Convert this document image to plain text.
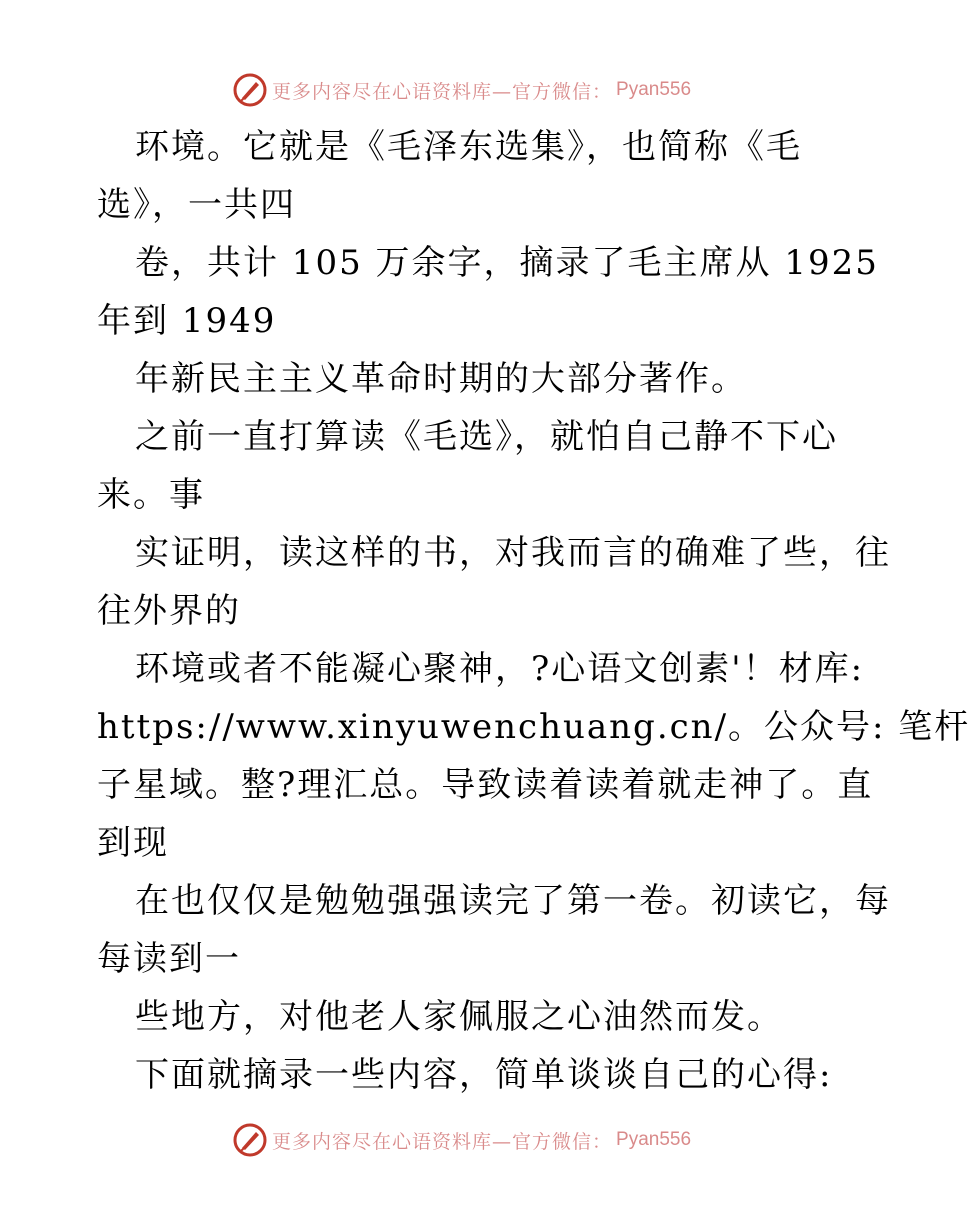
更多内容尽在心语资料库—官方微信： Pyan556
环境。它就是《毛泽东选集》，也简称《毛
选》，一共四
卷，共计 105 万余字，摘录了毛主席从 1925
年到 1949
年新民主主义革命时期的大部分著作。
之前一直打算读《毛选》，就怕自己静不下心
来。事
实证明，读这样的书，对我而言的确难了些，往
往外界的
环境或者不能凝心聚神，?心语文创素'！材库:
https://www.xinyuwenchuang.cn/。公众号: 笔杆
子星域。整?理汇总。导致读着读着就走神了。直
到现
在也仅仅是勉勉强强读完了第一卷。初读它，每
每读到一
些地方，对他老人家佩服之心油然而发。
下面就摘录一些内容，简单谈谈自己的心得:
更多内容尽在心语资料库—官方微信： Pyan556
